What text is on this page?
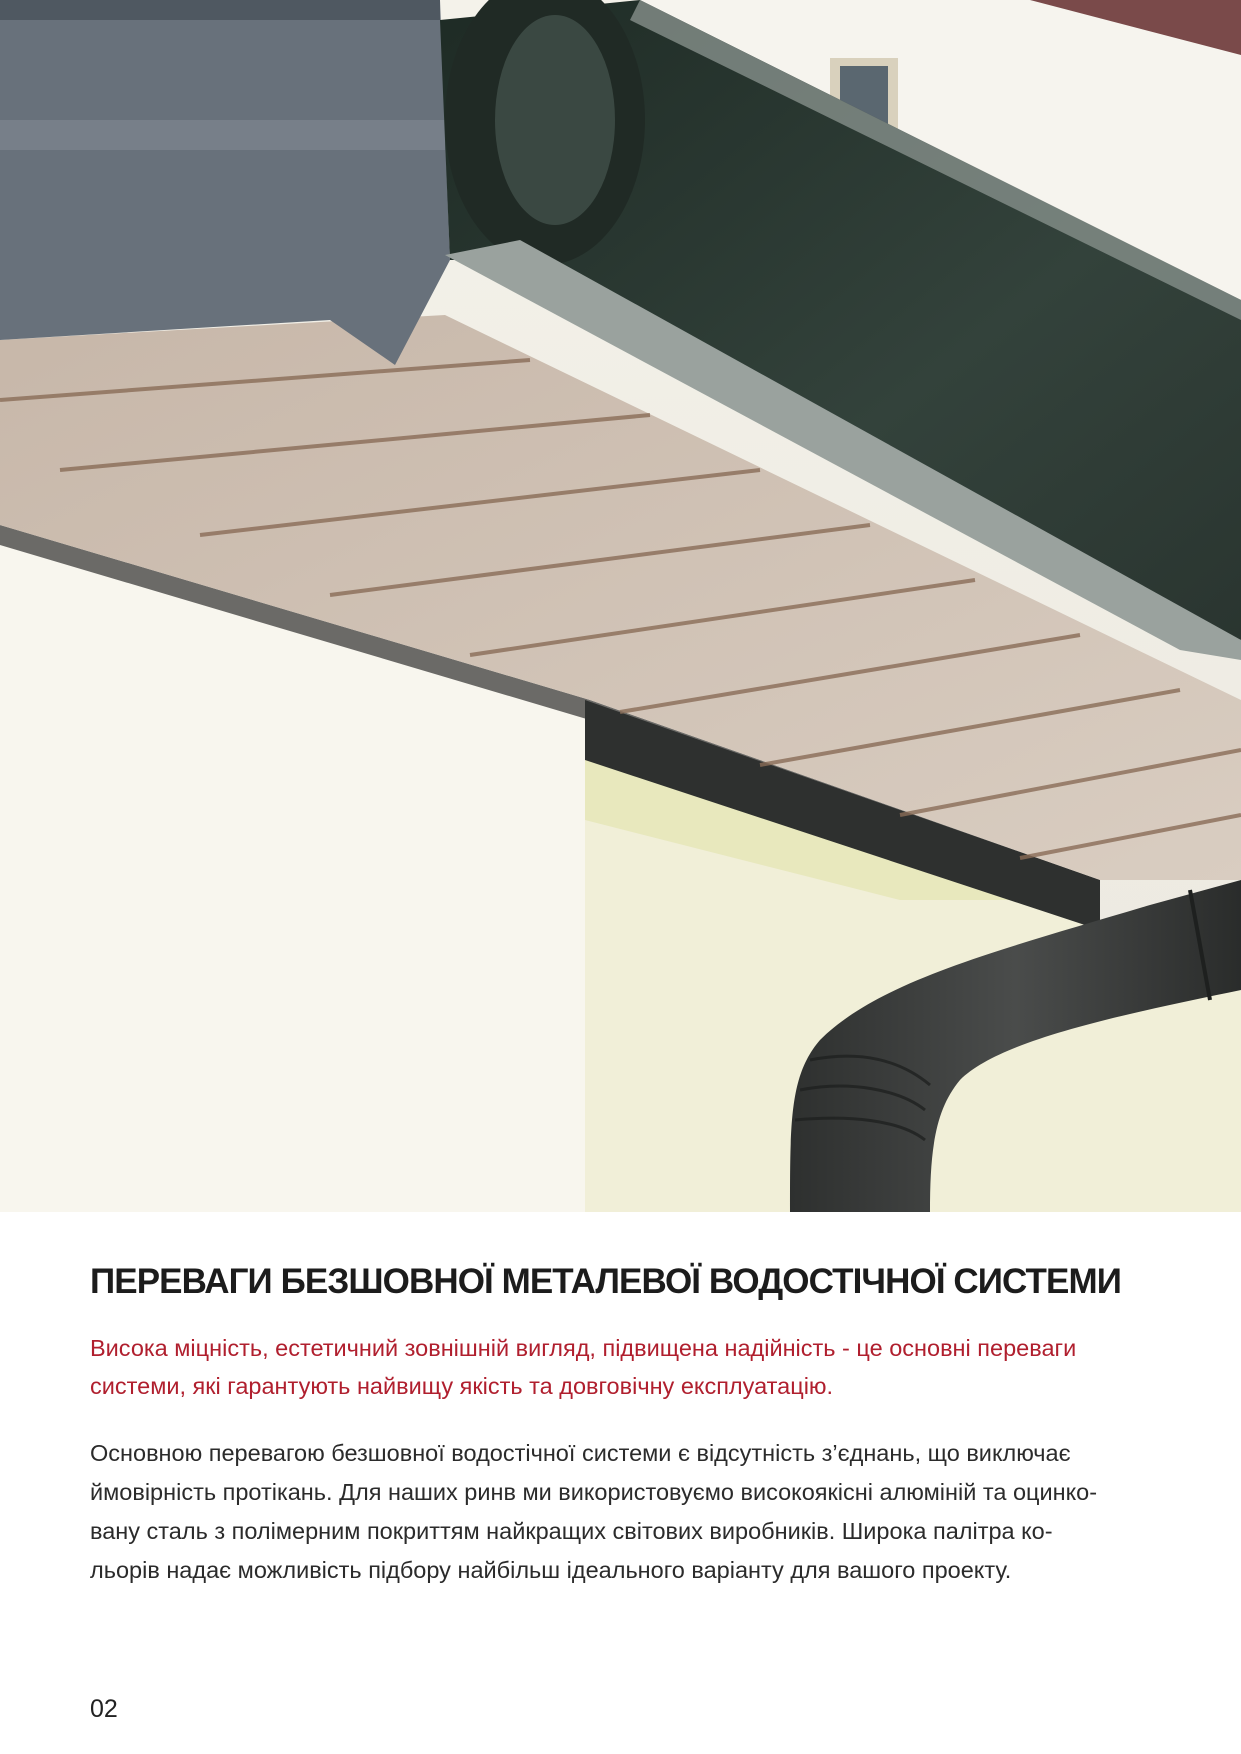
ПЕРЕВАГИ БЕЗШОВНОЇ МЕТАЛЕВОЇ ВОДОСТІЧНОЇ СИСТЕМИ

Висока міцність, естетичний зовнішній вигляд, підвищена надійність - це основні переваги системи, які гарантують найвищу якість та довговічну експлуатацію.

Основною перевагою безшовної водостічної системи є відсутність з’єднань, що виключає
ймовірність протікань. Для наших ринв ми використовуємо високоякісні алюміній та оцинко-
вану сталь з полімерним покриттям найкращих світових виробників. Широка палітра ко-
льорів надає можливість підбору найбільш ідеального варіанту для вашого проекту.

02
